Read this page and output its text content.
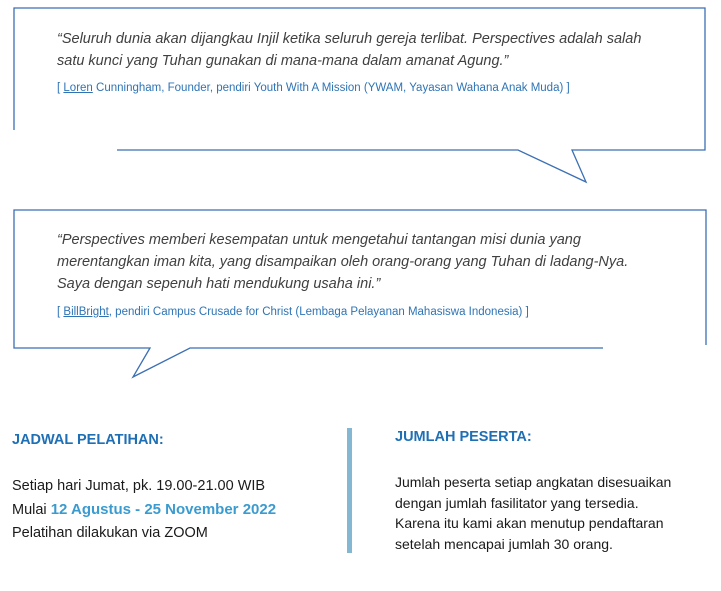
“Seluruh dunia akan dijangkau Injil ketika seluruh gereja terlibat. Perspectives adalah salah

satu kunci yang Tuhan gunakan di mana-mana dalam amanat Agung.”

[ Loren Cunningham, Founder, pendiri Youth With A Mission (YWAM, Yayasan Wahana Anak Muda) ]

“Perspectives memberi kesempatan untuk mengetahui tantangan misi dunia yang

merentangkan iman kita, yang disampaikan oleh orang-orang yang Tuhan di ladang-Nya.

Saya dengan sepenuh hati mendukung usaha ini.”

[ BillBright, pendiri Campus Crusade for Christ (Lembaga Pelayanan Mahasiswa Indonesia) ]

JADWAL PELATIHAN:

Setiap hari Jumat, pk. 19.00-21.00 WIB

Mulai 12 Agustus - 25 November 2022

Pelatihan dilakukan via ZOOM

JUMLAH PESERTA:

Jumlah peserta setiap angkatan disesuaikan

dengan jumlah fasilitator yang tersedia.

Karena itu kami akan menutup pendaftaran

setelah mencapai jumlah 30 orang.
